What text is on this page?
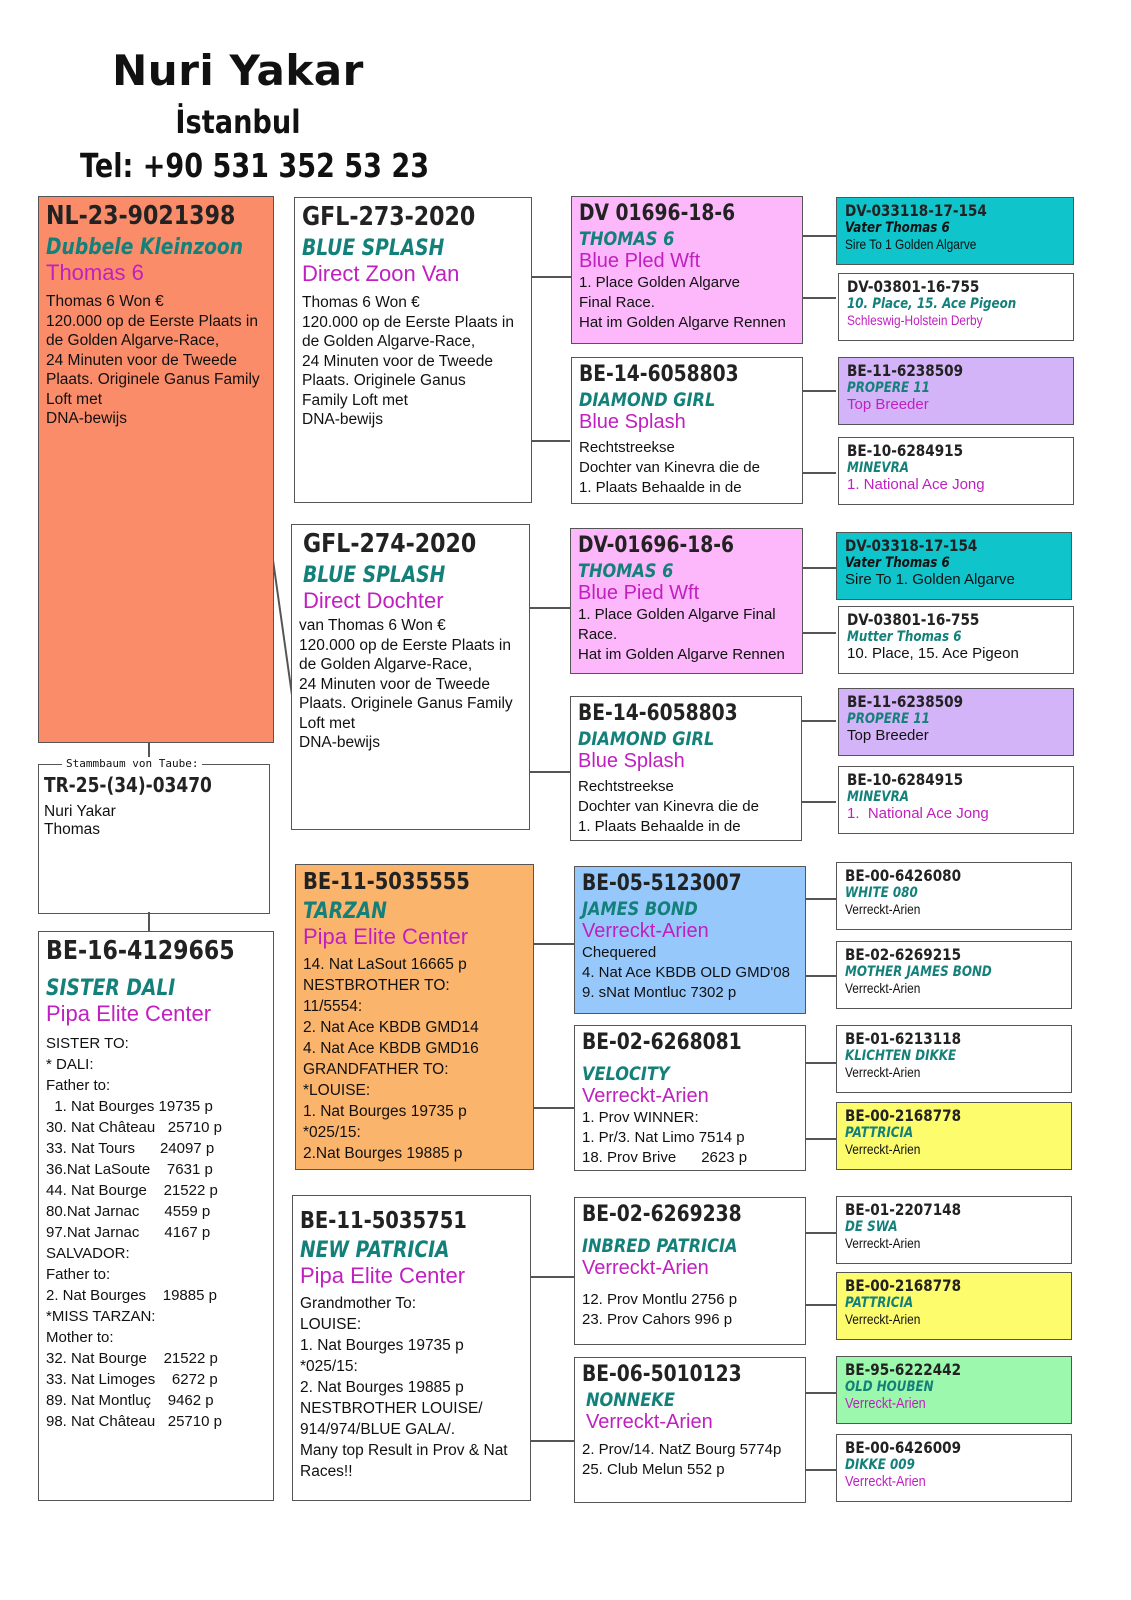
Nuri Yakar
İstanbul
Tel: +90 531 352 53 23
NL-23-9021398
Dubbele Kleinzoon
Thomas 6
Thomas 6 Won €
120.000 op de Eerste Plaats in
de Golden Algarve-Race,
24 Minuten voor de Tweede
Plaats. Originele Ganus Family
Loft met
DNA-bewijs
TR-25-(34)-03470
Nuri Yakar
Thomas
Stammbaum von Taube:
BE-16-4129665
SISTER DALI
Pipa Elite Center
SISTER TO:
* DALI:
Father to:
1. Nat Bourges 19735 p
30. Nat Château   25710 p
33. Nat Tours      24097 p
36.Nat LaSoute    7631 p
44. Nat Bourge    21522 p
80.Nat Jarnac      4559 p
97.Nat Jarnac      4167 p
SALVADOR:
Father to:
2. Nat Bourges    19885 p
*MISS TARZAN:
Mother to:
32. Nat Bourge    21522 p
33. Nat Limoges    6272 p
89. Nat Montluç    9462 p
98. Nat Château   25710 p
GFL-273-2020
BLUE SPLASH
Direct Zoon Van
Thomas 6 Won €
120.000 op de Eerste Plaats in
de Golden Algarve-Race,
24 Minuten voor de Tweede
Plaats. Originele Ganus
Family Loft met
DNA-bewijs
GFL-274-2020
BLUE SPLASH
Direct Dochter
van Thomas 6 Won €
120.000 op de Eerste Plaats in
de Golden Algarve-Race,
24 Minuten voor de Tweede
Plaats. Originele Ganus Family
Loft met
DNA-bewijs
BE-11-5035555
TARZAN
Pipa Elite Center
14. Nat LaSout 16665 p
NESTBROTHER TO:
11/5554:
2. Nat Ace KBDB GMD14
4. Nat Ace KBDB GMD16
GRANDFATHER TO:
*LOUISE:
1. Nat Bourges 19735 p
*025/15:
2.Nat Bourges 19885 p
BE-11-5035751
NEW PATRICIA
Pipa Elite Center
Grandmother To:
LOUISE:
1. Nat Bourges 19735 p
*025/15:
2. Nat Bourges 19885 p
NESTBROTHER LOUISE/
914/974/BLUE GALA/.
Many top Result in Prov & Nat
Races!!
DV 01696-18-6
THOMAS 6
Blue Pled Wft
1. Place Golden Algarve
Final Race.
Hat im Golden Algarve Rennen
BE-14-6058803
DIAMOND GIRL
Blue Splash
Rechtstreekse
Dochter van Kinevra die de
1. Plaats Behaalde in de
DV-01696-18-6
THOMAS 6
Blue Pied Wft
1. Place Golden Algarve Final
Race.
Hat im Golden Algarve Rennen
BE-14-6058803
DIAMOND GIRL
Blue Splash
Rechtstreekse
Dochter van Kinevra die de
1. Plaats Behaalde in de
BE-05-5123007
JAMES BOND
Verreckt-Arien
Chequered
4. Nat Ace KBDB OLD GMD'08
9. sNat Montluc 7302 p
BE-02-6268081
VELOCITY
Verreckt-Arien
1. Prov WINNER:
1. Pr/3. Nat Limo 7514 p
18. Prov Brive      2623 p
BE-02-6269238
INBRED PATRICIA
Verreckt-Arien
12. Prov Montlu 2756 p
23. Prov Cahors 996 p
BE-06-5010123
NONNEKE
Verreckt-Arien
2. Prov/14. NatZ Bourg 5774p
25. Club Melun 552 p
DV-033118-17-154
Vater Thomas 6
Sire To 1 Golden Algarve
DV-03801-16-755
10. Place, 15. Ace Pigeon
Schleswig-Holstein Derby
BE-11-6238509
PROPERE 11
Top Breeder
BE-10-6284915
MINEVRA
1. National Ace Jong
DV-03318-17-154
Vater Thomas 6
Sire To 1. Golden Algarve
DV-03801-16-755
Mutter Thomas 6
10. Place, 15. Ace Pigeon
BE-11-6238509
PROPERE 11
Top Breeder
BE-10-6284915
MINEVRA
1.  National Ace Jong
BE-00-6426080
WHITE 080
Verreckt-Arien
BE-02-6269215
MOTHER JAMES BOND
Verreckt-Arien
BE-01-6213118
KLICHTEN DIKKE
Verreckt-Arien
BE-00-2168778
PATTRICIA
Verreckt-Arien
BE-01-2207148
DE SWA
Verreckt-Arien
BE-00-2168778
PATTRICIA
Verreckt-Arien
BE-95-6222442
OLD HOUBEN
Verreckt-Arien
BE-00-6426009
DIKKE 009
Verreckt-Arien
